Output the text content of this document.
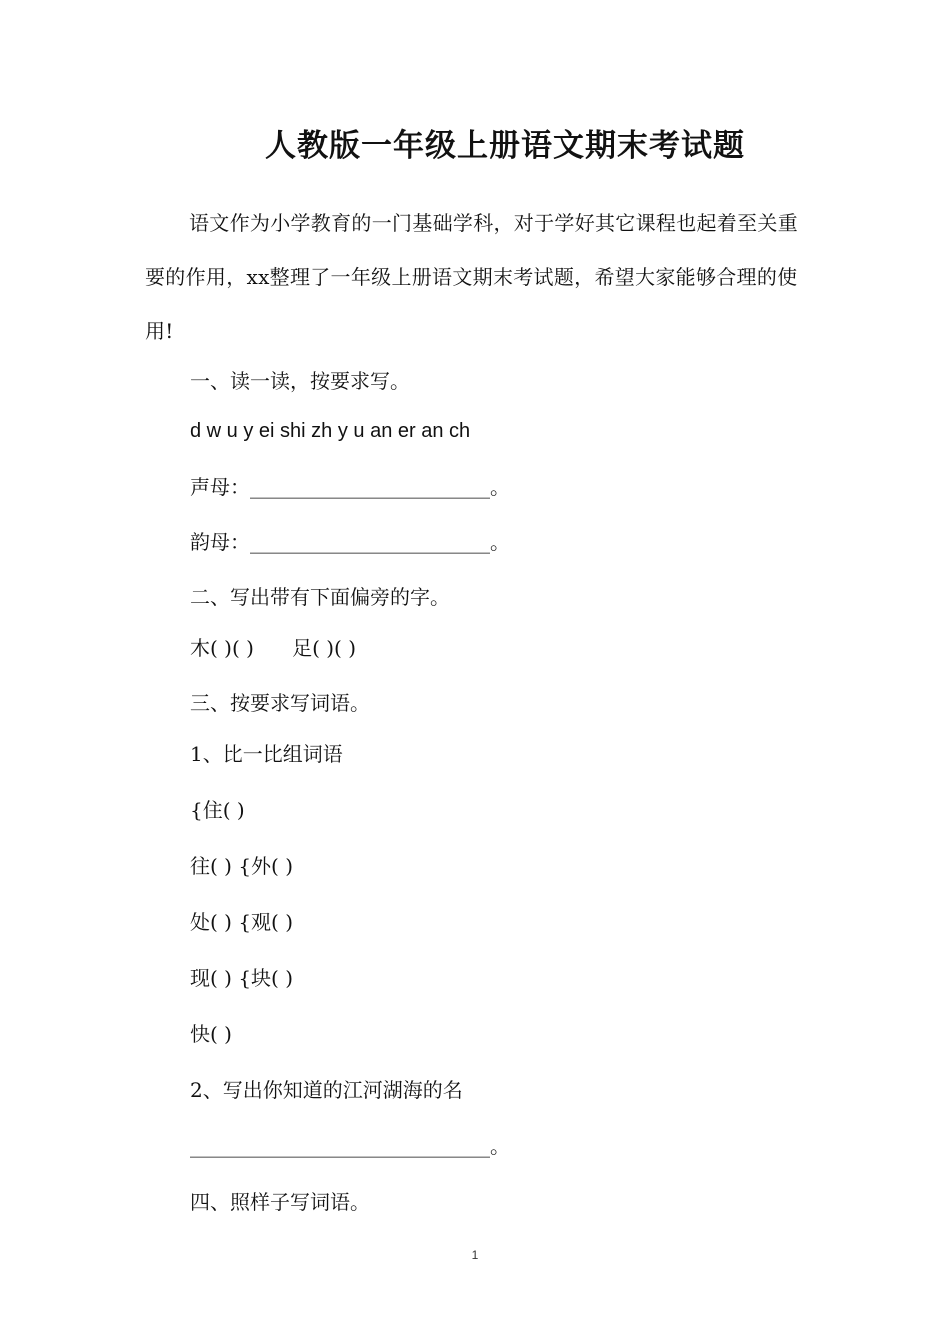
人教版一年级上册语文期末考试题
语文作为小学教育的一门基础学科，对于学好其它课程也起着至关重要的作用，xx整理了一年级上册语文期末考试题，希望大家能够合理的使用!
一、读一读，按要求写。
d w u y ei shi zh y u an er an ch
声母：________________________。
韵母：________________________。
二、写出带有下面偏旁的字。
木( )( )      足( )( )
三、按要求写词语。
1、比一比组词语
{住( )
往( ) {外( )
处( ) {观( )
现( ) {块( )
快( )
2、写出你知道的江河湖海的名
______________________________。
四、照样子写词语。
1
